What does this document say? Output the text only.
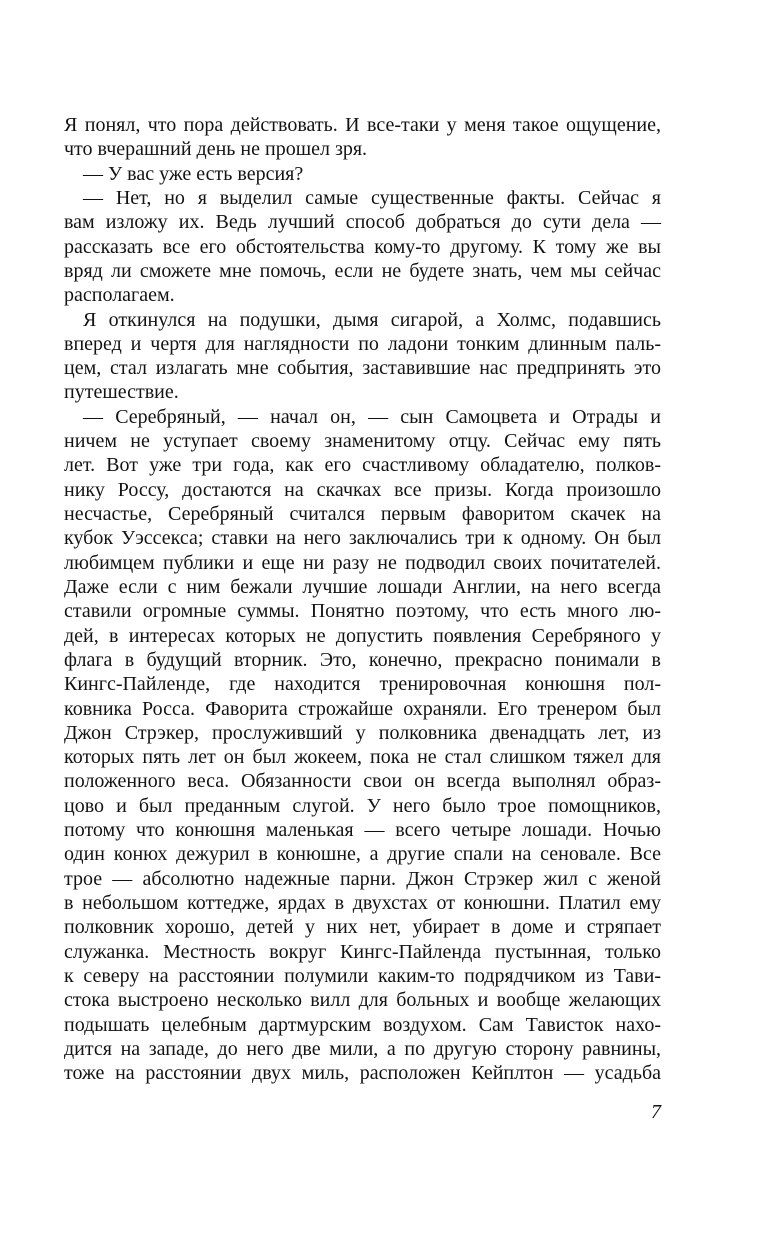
Я понял, что пора действовать. И все-таки у меня такое ощущение,
что вчерашний день не прошел зря.
— У вас уже есть версия?
— Нет, но я выделил самые существенные факты. Сейчас я
вам изложу их. Ведь лучший способ добраться до сути дела —
рассказать все его обстоятельства кому-то другому. К тому же вы
вряд ли сможете мне помочь, если не будете знать, чем мы сейчас
располагаем.
Я откинулся на подушки, дымя сигарой, а Холмс, подавшись
вперед и чертя для наглядности по ладони тонким длинным паль-
цем, стал излагать мне события, заставившие нас предпринять это
путешествие.
— Серебряный, — начал он, — сын Самоцвета и Отрады и
ничем не уступает своему знаменитому отцу. Сейчас ему пять
лет. Вот уже три года, как его счастливому обладателю, полков-
нику Россу, достаются на скачках все призы. Когда произошло
несчастье, Серебряный считался первым фаворитом скачек на
кубок Уэссекса; ставки на него заключались три к одному. Он был
любимцем публики и еще ни разу не подводил своих почитателей.
Даже если с ним бежали лучшие лошади Англии, на него всегда
ставили огромные суммы. Понятно поэтому, что есть много лю-
дей, в интересах которых не допустить появления Серебряного у
флага в будущий вторник. Это, конечно, прекрасно понимали в
Кингс-Пайленде, где находится тренировочная конюшня пол-
ковника Росса. Фаворита строжайше охраняли. Его тренером был
Джон Стрэкер, прослуживший у полковника двенадцать лет, из
которых пять лет он был жокеем, пока не стал слишком тяжел для
положенного веса. Обязанности свои он всегда выполнял образ-
цово и был преданным слугой. У него было трое помощников,
потому что конюшня маленькая — всего четыре лошади. Ночью
один конюх дежурил в конюшне, а другие спали на сеновале. Все
трое — абсолютно надежные парни. Джон Стрэкер жил с женой
в небольшом коттедже, ярдах в двухстах от конюшни. Платил ему
полковник хорошо, детей у них нет, убирает в доме и стряпает
служанка. Местность вокруг Кингс-Пайленда пустынная, только
к северу на расстоянии полумили каким-то подрядчиком из Тави-
стока выстроено несколько вилл для больных и вообще желающих
подышать целебным дартмурским воздухом. Сам Тависток нахо-
дится на западе, до него две мили, а по другую сторону равнины,
тоже на расстоянии двух миль, расположен Кейплтон — усадьба
7
